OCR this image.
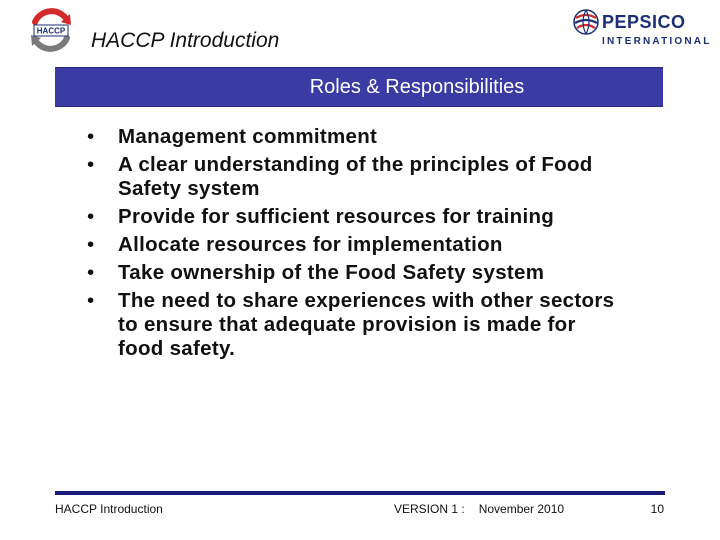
HACCP HACCP Introduction
PEPSICO
INTERNATIONAL
Roles & Responsibilities
• Management commitment
• A clear understanding of the principles of Food Safety system
• Provide for sufficient resources for training
• Allocate resources for implementation
• Take ownership of the Food Safety system
• The need to share experiences with other sectors to ensure that adequate provision is made for food safety.
HACCP Introduction	VERSION 1 : November 2010	10
